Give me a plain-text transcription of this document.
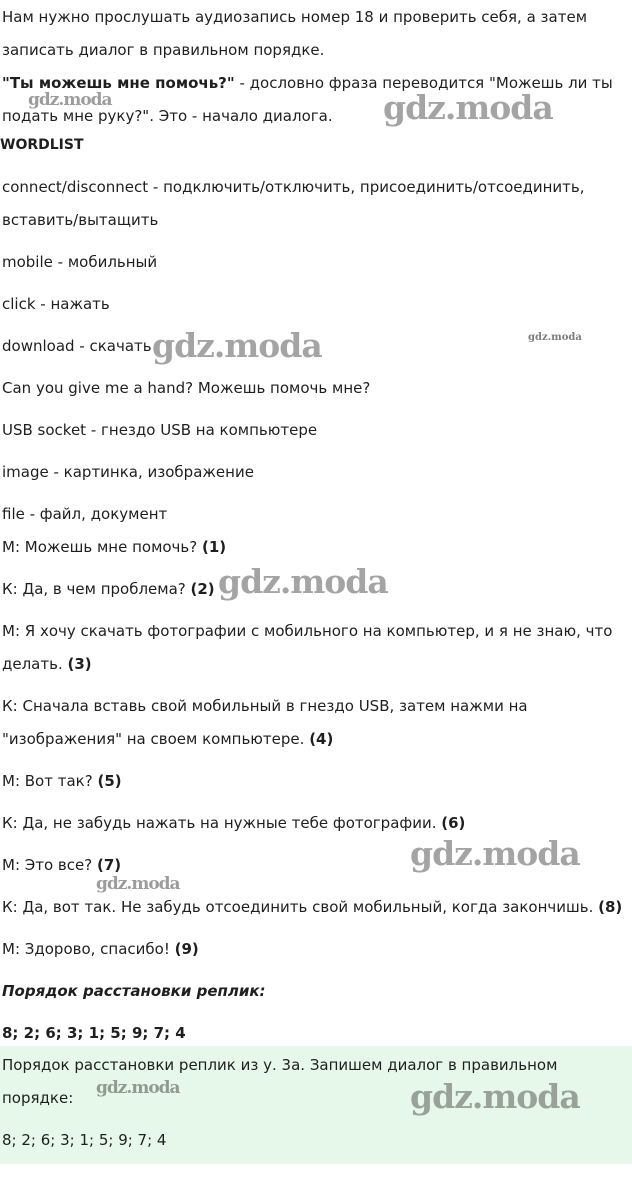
Нам нужно прослушать аудиозапись номер 18 и проверить себя, а затем

записать диалог в правильном порядке.

"Ты можешь мне помочь?" - дословно фраза переводится "Можешь ли ты

подать мне руку?". Это - начало диалога.

WORDLIST

connect/disconnect - подключить/отключить, присоединить/отсоединить,

вставить/вытащить

mobile - мобильный

click - нажать

download - скачать

Can you give me a hand? Можешь помочь мне?

USB socket - гнездо USB на компьютере

image - картинка, изображение

file - файл, документ

М: Можешь мне помочь? (1)

К: Да, в чем проблема? (2)

М: Я хочу скачать фотографии с мобильного на компьютер, и я не знаю, что

делать. (3)

К: Сначала вставь свой мобильный в гнездо USB, затем нажми на

"изображения" на своем компьютере. (4)

М: Вот так? (5)

К: Да, не забудь нажать на нужные тебе фотографии. (6)

М: Это все? (7)

К: Да, вот так. Не забудь отсоединить свой мобильный, когда закончишь. (8)

М: Здорово, спасибо! (9)

Порядок расстановки реплик:

8; 2; 6; 3; 1; 5; 9; 7; 4

Порядок расстановки реплик из у. 3а. Запишем диалог в правильном

порядке:

8; 2; 6; 3; 1; 5; 9; 7; 4

gdz.moda	gdz.moda
gdz.moda	gdz.moda
gdz.moda
gdz.moda
gdz.moda
gdz.moda	gdz.moda
